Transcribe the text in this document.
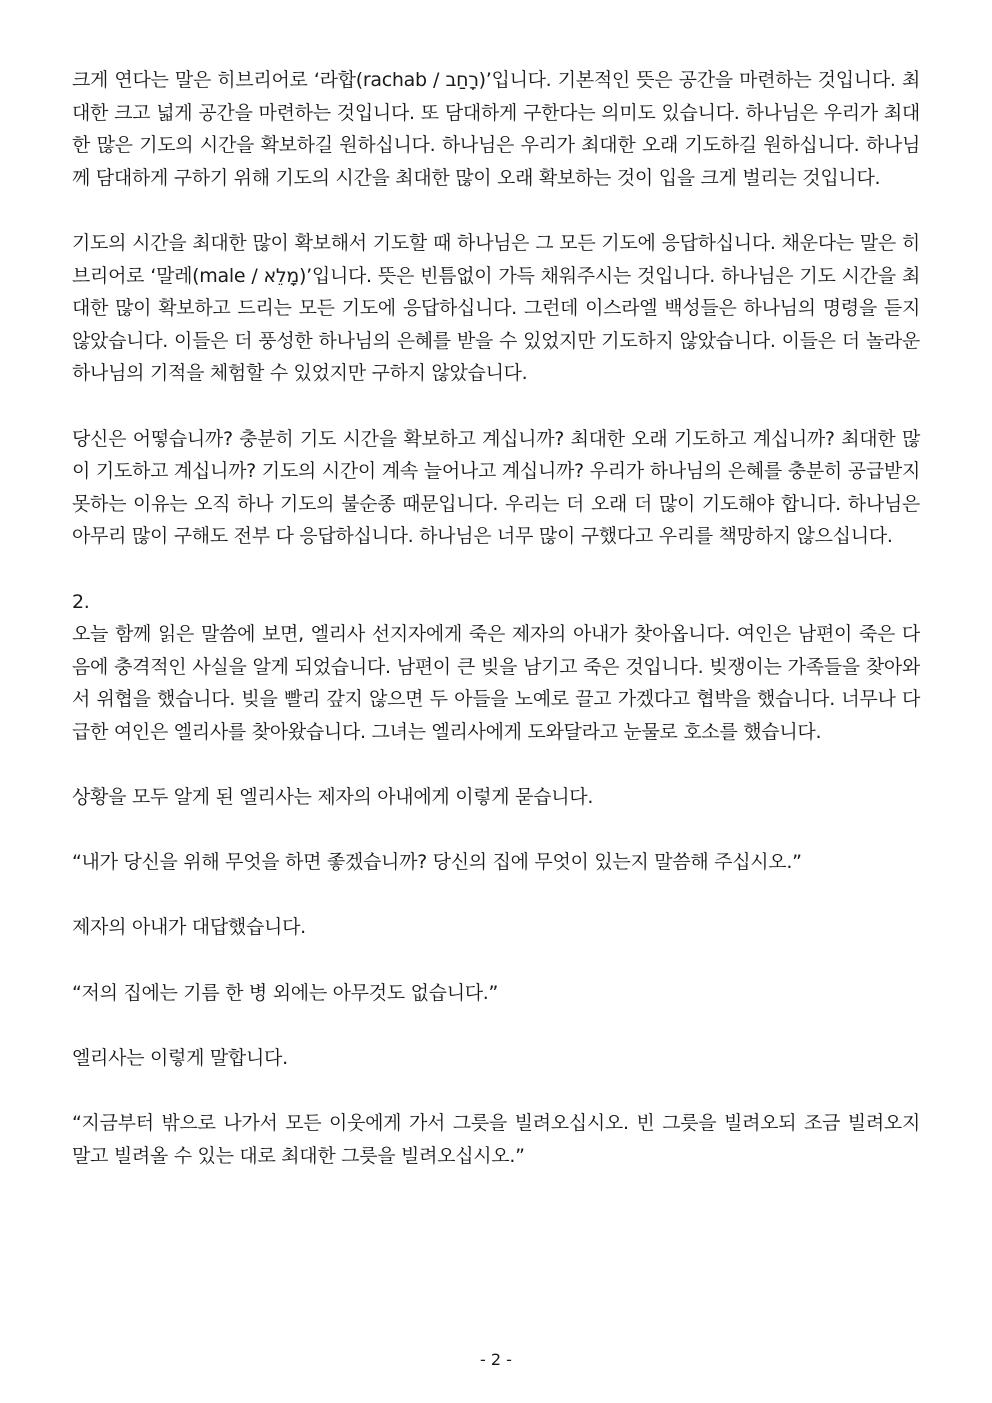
크게 연다는 말은 히브리어로 ‘라합(rachab / רָחַב)’입니다. 기본적인 뜻은 공간을 마련하는 것입니다. 최대한 크고 넓게 공간을 마련하는 것입니다. 또 담대하게 구한다는 의미도 있습니다. 하나님은 우리가 최대한 많은 기도의 시간을 확보하길 원하십니다. 하나님은 우리가 최대한 오래 기도하길 원하십니다. 하나님께 담대하게 구하기 위해 기도의 시간을 최대한 많이 오래 확보하는 것이 입을 크게 벌리는 것입니다.

기도의 시간을 최대한 많이 확보해서 기도할 때 하나님은 그 모든 기도에 응답하십니다. 채운다는 말은 히브리어로 ‘말레(male / מָלֵא)’입니다. 뜻은 빈틈없이 가득 채워주시는 것입니다. 하나님은 기도 시간을 최대한 많이 확보하고 드리는 모든 기도에 응답하십니다. 그런데 이스라엘 백성들은 하나님의 명령을 듣지 않았습니다. 이들은 더 풍성한 하나님의 은혜를 받을 수 있었지만 기도하지 않았습니다. 이들은 더 놀라운 하나님의 기적을 체험할 수 있었지만 구하지 않았습니다.

당신은 어떻습니까? 충분히 기도 시간을 확보하고 계십니까? 최대한 오래 기도하고 계십니까? 최대한 많이 기도하고 계십니까? 기도의 시간이 계속 늘어나고 계십니까? 우리가 하나님의 은혜를 충분히 공급받지 못하는 이유는 오직 하나 기도의 불순종 때문입니다. 우리는 더 오래 더 많이 기도해야 합니다. 하나님은 아무리 많이 구해도 전부 다 응답하십니다. 하나님은 너무 많이 구했다고 우리를 책망하지 않으십니다.

2.

오늘 함께 읽은 말씀에 보면, 엘리사 선지자에게 죽은 제자의 아내가 찾아옵니다. 여인은 남편이 죽은 다음에 충격적인 사실을 알게 되었습니다. 남편이 큰 빚을 남기고 죽은 것입니다. 빚쟁이는 가족들을 찾아와서 위협을 했습니다. 빚을 빨리 갚지 않으면 두 아들을 노예로 끌고 가겠다고 협박을 했습니다. 너무나 다급한 여인은 엘리사를 찾아왔습니다. 그녀는 엘리사에게 도와달라고 눈물로 호소를 했습니다.

상황을 모두 알게 된 엘리사는 제자의 아내에게 이렇게 묻습니다.

“내가 당신을 위해 무엇을 하면 좋겠습니까? 당신의 집에 무엇이 있는지 말씀해 주십시오.”

제자의 아내가 대답했습니다.

“저의 집에는 기름 한 병 외에는 아무것도 없습니다.”

엘리사는 이렇게 말합니다.

“지금부터 밖으로 나가서 모든 이웃에게 가서 그릇을 빌려오십시오. 빈 그릇을 빌려오되 조금 빌려오지 말고 빌려올 수 있는 대로 최대한 그릇을 빌려오십시오.”

- 2 -
